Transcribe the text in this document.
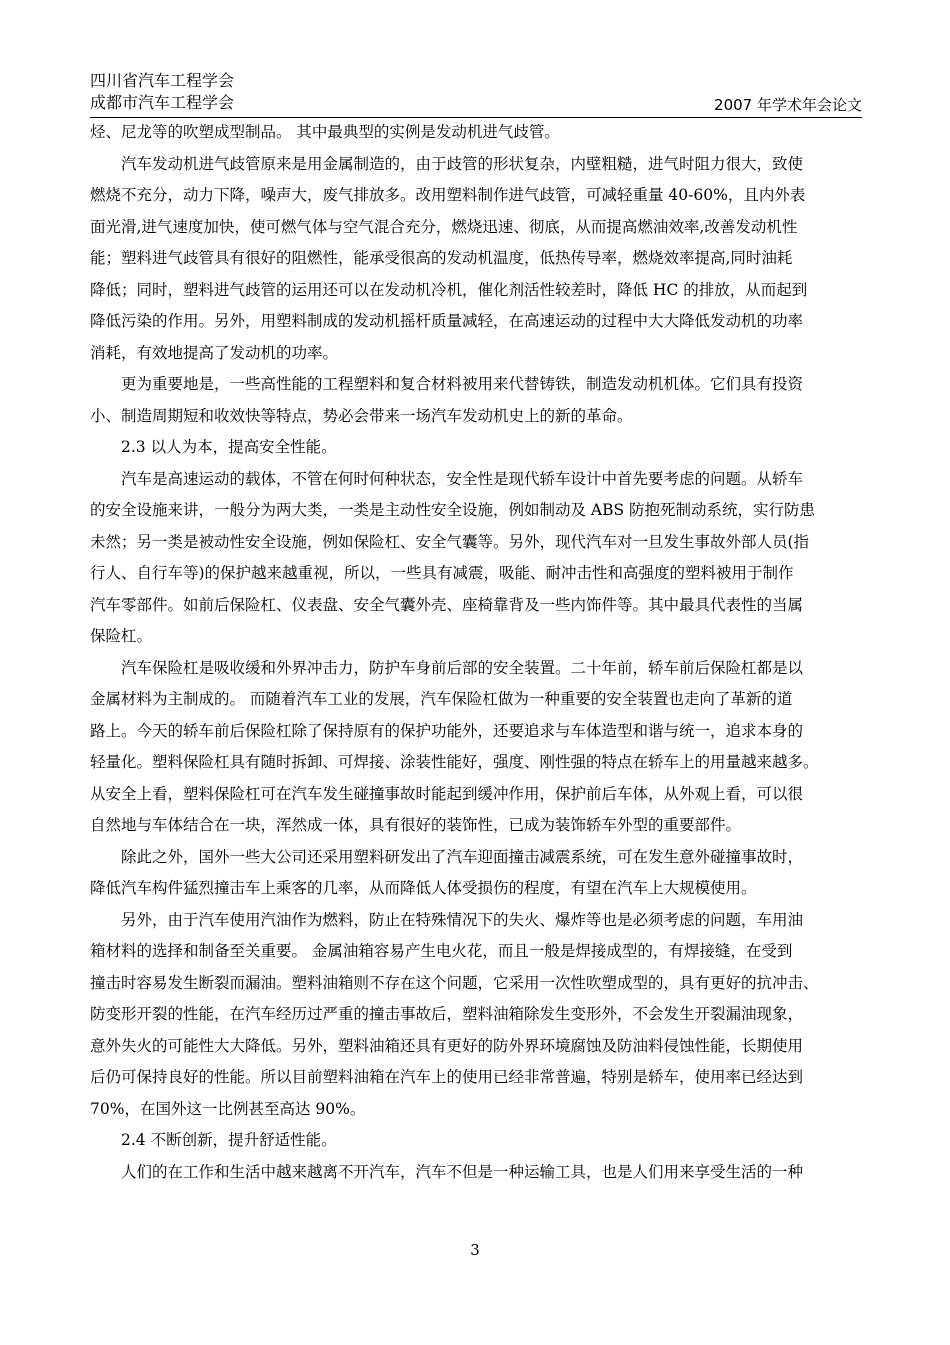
四川省汽车工程学会
成都市汽车工程学会	2007 年学术年会论文
烃、尼龙等的吹塑成型制品。 其中最典型的实例是发动机进气歧管。
　　汽车发动机进气歧管原来是用金属制造的，由于歧管的形状复杂，内壁粗糙，进气时阻力很大，致使
燃烧不充分，动力下降，噪声大，废气排放多。改用塑料制作进气歧管，可减轻重量 40-60%，且内外表
面光滑,进气速度加快，使可燃气体与空气混合充分，燃烧迅速、彻底，从而提高燃油效率,改善发动机性
能；塑料进气歧管具有很好的阻燃性，能承受很高的发动机温度，低热传导率，燃烧效率提高,同时油耗
降低；同时，塑料进气歧管的运用还可以在发动机冷机，催化剂活性较差时，降低 HC 的排放，从而起到
降低污染的作用。另外，用塑料制成的发动机摇杆质量减轻，在高速运动的过程中大大降低发动机的功率
消耗，有效地提高了发动机的功率。
　　更为重要地是，一些高性能的工程塑料和复合材料被用来代替铸铁，制造发动机机体。它们具有投资
小、制造周期短和收效快等特点，势必会带来一场汽车发动机史上的新的革命。
　　2.3 以人为本，提高安全性能。
　　汽车是高速运动的载体，不管在何时何种状态，安全性是现代轿车设计中首先要考虑的问题。从轿车
的安全设施来讲，一般分为两大类，一类是主动性安全设施，例如制动及 ABS 防抱死制动系统，实行防患
未然；另一类是被动性安全设施，例如保险杠、安全气囊等。另外，现代汽车对一旦发生事故外部人员(指
行人、自行车等)的保护越来越重视，所以，一些具有减震，吸能、耐冲击性和高强度的塑料被用于制作
汽车零部件。如前后保险杠、仪表盘、安全气囊外壳、座椅靠背及一些内饰件等。其中最具代表性的当属
保险杠。
　　汽车保险杠是吸收缓和外界冲击力，防护车身前后部的安全装置。二十年前，轿车前后保险杠都是以
金属材料为主制成的。 而随着汽车工业的发展，汽车保险杠做为一种重要的安全装置也走向了革新的道
路上。今天的轿车前后保险杠除了保持原有的保护功能外，还要追求与车体造型和谐与统一，追求本身的
轻量化。塑料保险杠具有随时拆卸、可焊接、涂装性能好，强度、刚性强的特点在轿车上的用量越来越多。
从安全上看，塑料保险杠可在汽车发生碰撞事故时能起到缓冲作用，保护前后车体，从外观上看，可以很
自然地与车体结合在一块，浑然成一体，具有很好的装饰性，已成为装饰轿车外型的重要部件。
　　除此之外，国外一些大公司还采用塑料研发出了汽车迎面撞击减震系统，可在发生意外碰撞事故时，
降低汽车构件猛烈撞击车上乘客的几率，从而降低人体受损伤的程度，有望在汽车上大规模使用。
　　另外，由于汽车使用汽油作为燃料，防止在特殊情况下的失火、爆炸等也是必须考虑的问题，车用油
箱材料的选择和制备至关重要。 金属油箱容易产生电火花，而且一般是焊接成型的，有焊接缝，在受到
撞击时容易发生断裂而漏油。塑料油箱则不存在这个问题，它采用一次性吹塑成型的，具有更好的抗冲击、
防变形开裂的性能，在汽车经历过严重的撞击事故后，塑料油箱除发生变形外，不会发生开裂漏油现象，
意外失火的可能性大大降低。另外，塑料油箱还具有更好的防外界环境腐蚀及防油料侵蚀性能，长期使用
后仍可保持良好的性能。所以目前塑料油箱在汽车上的使用已经非常普遍，特别是轿车，使用率已经达到
70%，在国外这一比例甚至高达 90%。
　　2.4 不断创新，提升舒适性能。
　　人们的在工作和生活中越来越离不开汽车，汽车不但是一种运输工具，也是人们用来享受生活的一种
3
